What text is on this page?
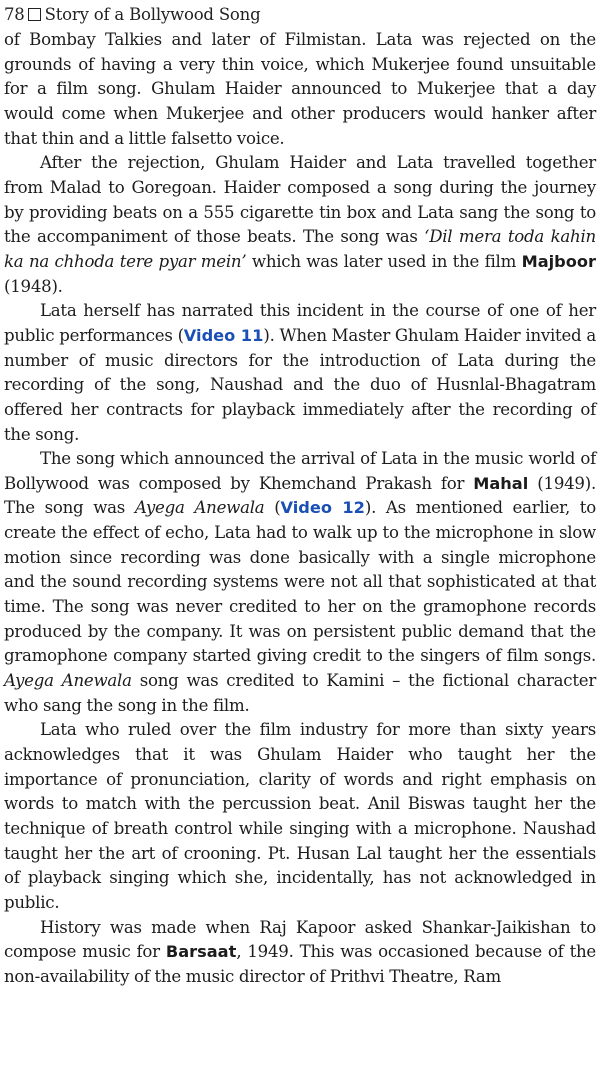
78 Story of a Bollywood Song

of Bombay Talkies and later of Filmistan. Lata was rejected on the grounds of having a very thin voice, which Mukerjee found unsuitable for a film song. Ghulam Haider announced to Mukerjee that a day would come when Mukerjee and other producers would hanker after that thin and a little falsetto voice.

After the rejection, Ghulam Haider and Lata travelled together from Malad to Goregoan. Haider composed a song during the journey by providing beats on a 555 cigarette tin box and Lata sang the song to the accompaniment of those beats. The song was ‘Dil mera toda kahin ka na chhoda tere pyar mein’ which was later used in the film Majboor (1948).

Lata herself has narrated this incident in the course of one of her public performances (Video 11). When Master Ghulam Haider invited a number of music directors for the introduction of Lata during the recording of the song, Naushad and the duo of Husnlal-Bhagatram offered her contracts for playback immediately after the recording of the song.

The song which announced the arrival of Lata in the music world of Bollywood was composed by Khemchand Prakash for Mahal (1949). The song was Ayega Anewala (Video 12). As mentioned earlier, to create the effect of echo, Lata had to walk up to the microphone in slow motion since recording was done basically with a single microphone and the sound recording systems were not all that sophisticated at that time. The song was never credited to her on the gramophone records produced by the company. It was on persistent public demand that the gramophone company started giving credit to the singers of film songs. Ayega Anewala song was credited to Kamini – the fictional character who sang the song in the film.

Lata who ruled over the film industry for more than sixty years acknowledges that it was Ghulam Haider who taught her the importance of pronunciation, clarity of words and right emphasis on words to match with the percussion beat. Anil Biswas taught her the technique of breath control while singing with a microphone. Naushad taught her the art of crooning. Pt. Husan Lal taught her the essentials of playback singing which she, incidentally, has not acknowledged in public.

History was made when Raj Kapoor asked Shankar-Jaikishan to compose music for Barsaat, 1949. This was occasioned because of the non-availability of the music director of Prithvi Theatre, Ram
